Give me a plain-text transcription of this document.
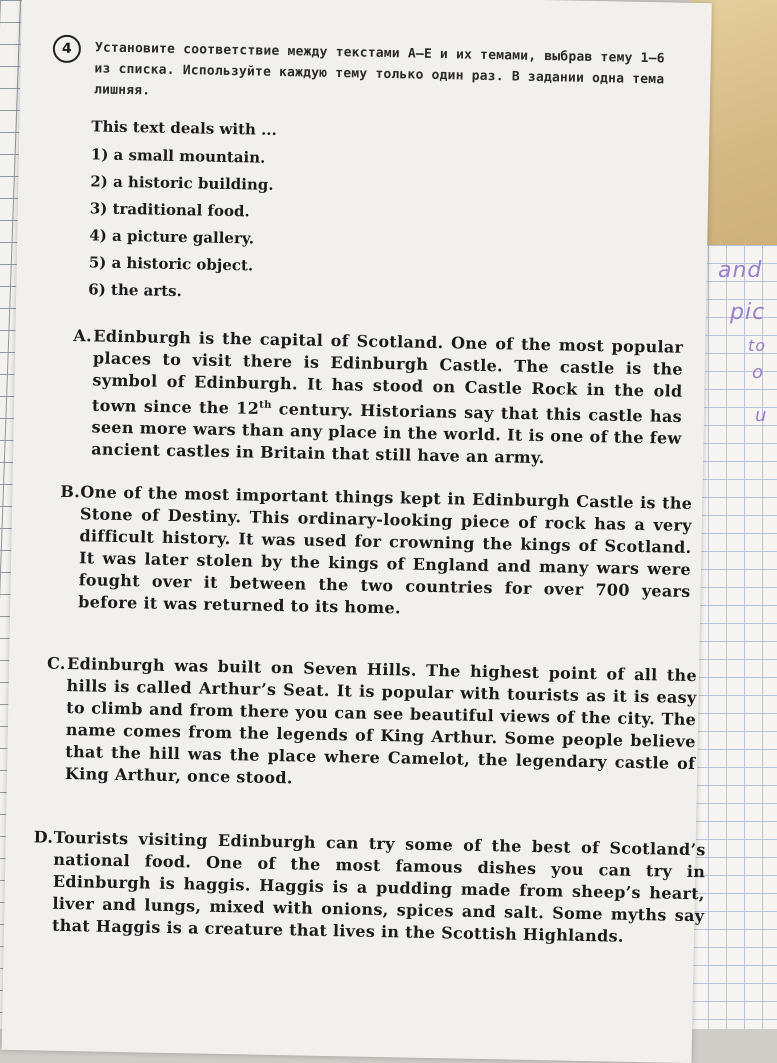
and
pic
to
o
u
4	Установите соответствие между текстами A–E и их темами, выбрав тему 1–6 из списка. Используйте каждую тему только один раз. В задании одна тема лишняя.
This text deals with ...
1) a small mountain.
2) a historic building.
3) traditional food.
4) a picture gallery.
5) a historic object.
6) the arts.
A. Edinburgh is the capital of Scotland. One of the most popular places to visit there is Edinburgh Castle. The castle is the symbol of Edinburgh. It has stood on Castle Rock in the old town since the 12th century. Historians say that this castle has seen more wars than any place in the world. It is one of the few ancient castles in Britain that still have an army.
B. One of the most important things kept in Edinburgh Castle is the Stone of Destiny. This ordinary-looking piece of rock has a very difficult history. It was used for crowning the kings of Scotland. It was later stolen by the kings of England and many wars were fought over it between the two countries for over 700 years before it was returned to its home.
C. Edinburgh was built on Seven Hills. The highest point of all the hills is called Arthur’s Seat. It is popular with tourists as it is easy to climb and from there you can see beautiful views of the city. The name comes from the legends of King Arthur. Some people believe that the hill was the place where Camelot, the legendary castle of King Arthur, once stood.
D. Tourists visiting Edinburgh can try some of the best of Scotland’s national food. One of the most famous dishes you can try in Edinburgh is haggis. Haggis is a pudding made from sheep’s heart, liver and lungs, mixed with onions, spices and salt. Some myths say that Haggis is a creature that lives in the Scottish Highlands.
